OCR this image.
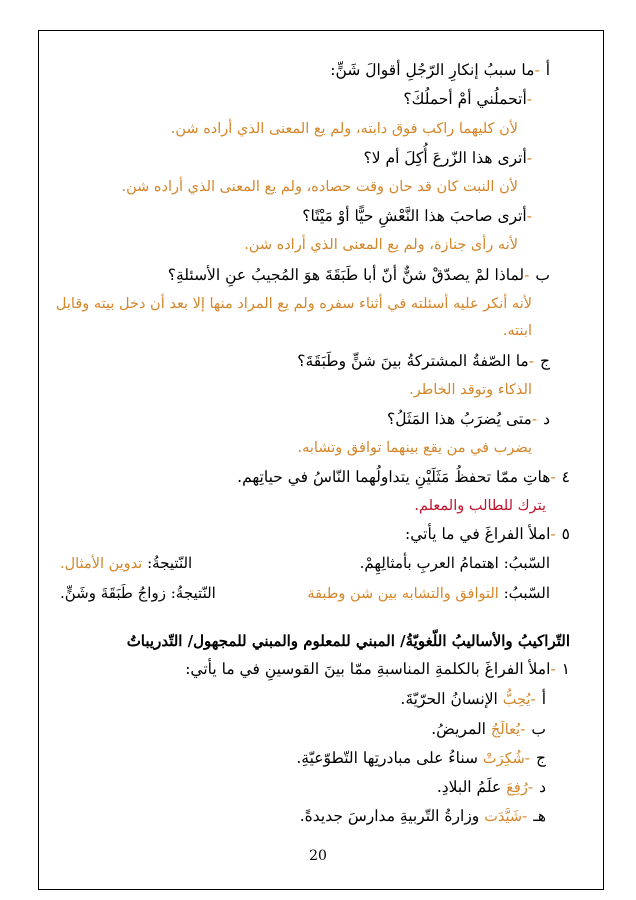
أ-ما سببُ إنكارِ الرّجُلِ أقوالَ شَنٍّ:
-أتحملُني أمْ أحملُكَ؟
لأن كليهما راكب فوق دابته، ولم يع المعنى الذي أراده شن.
-أترى هذا الزّرعَ أُكِلَ أم لا؟
لأن النبت كان قد حان وقت حصاده، ولم يع المعنى الذي أراده شن.
-أترى صاحبَ هذا النَّعْشِ حيًّا أوْ مَيْتًا؟
لأنه رأى جنازة، ولم يع المعنى الذي أراده شن.
ب-لماذا لمْ يصدّقْ شنٌّ أنّ أبا طَبَقَةَ هوَ المُجيبُ عنِ الأسئلةِ؟
لأنه أنكر عليه أسئلته في أثناء سفره ولم يع المراد منها إلا بعد أن دخل بيته وقابل
ابنته.
ج-ما الصّفةُ المشتركةُ بينَ شنٍّ وطَبَقَةَ؟
الذكاء وتوقد الخاطر.
د-متى يُضرَبُ هذا المَثَلُ؟
يضرب في من يقع بينهما توافق وتشابه.
٤-هاتِ ممّا تحفظُ مَثَلَيْنِ يتداولُهما النّاسُ في حياتِهم.
يترك للطالب والمعلم.
٥-املأ الفراغَ في ما يأتي:
السّببُ: اهتمامُ العربِ بأمثالِهِمْ.
النّتيجةُ: تدوين الأمثال.
السّببُ: التوافق والتشابه بين شن وطبقة
النّتيجةُ: زواجُ طَبَقَةَ وشَنٍّ.
التّراكيبُ والأساليبُ اللّغويّةُ/ المبني للمعلوم والمبني للمجهول/ التّدريباتُ
١-املأ الفراغَ بالكلمةِ المناسبةِ ممّا بينَ القوسينِ في ما يأتي:
أ-يُحِبُّ الإنسانُ الحرّيّةَ.
ب-يُعالَجُ المريضُ.
ج-شُكِرَتْ سناءُ على مبادرتِها التّطوّعيّةِ.
د-رُفِعَ علَمُ البلادِ.
هـ-شَيَّدَت وزارةُ التّربيةِ مدارسَ جديدةً.
20
